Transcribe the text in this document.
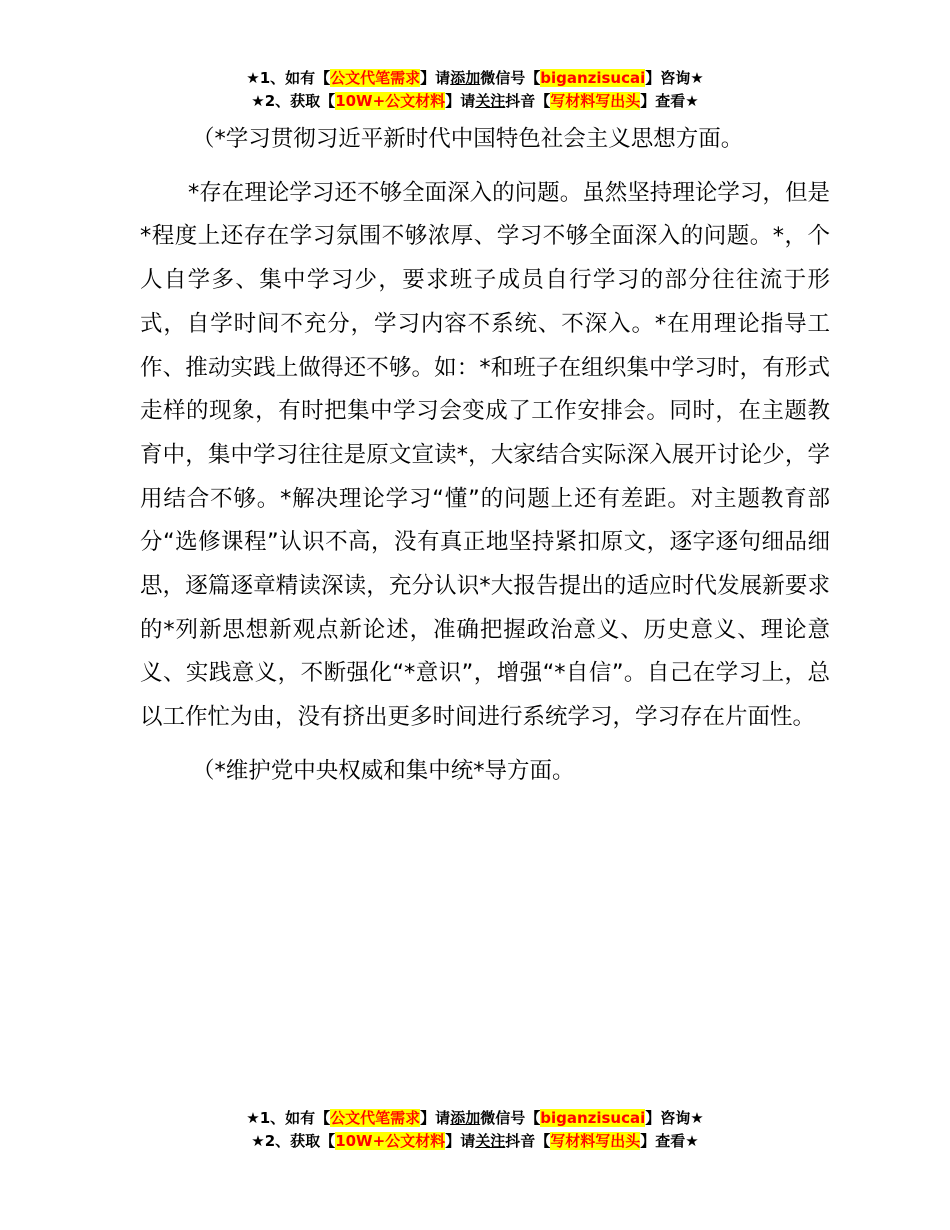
★1、如有【公文代笔需求】请添加微信号【biganzisucai】咨询★
★2、获取【10W+公文材料】请关注抖音【写材料写出头】查看★

（*学习贯彻习近平新时代中国特色社会主义思想方面。

*存在理论学习还不够全面深入的问题。虽然坚持理论学习，但是*程度上还存在学习氛围不够浓厚、学习不够全面深入的问题。*，个人自学多、集中学习少，要求班子成员自行学习的部分往往流于形式，自学时间不充分，学习内容不系统、不深入。*在用理论指导工作、推动实践上做得还不够。如：*和班子在组织集中学习时，有形式走样的现象，有时把集中学习会变成了工作安排会。同时，在主题教育中，集中学习往往是原文宣读*，大家结合实际深入展开讨论少，学用结合不够。*解决理论学习“懂”的问题上还有差距。对主题教育部分“选修课程”认识不高，没有真正地坚持紧扣原文，逐字逐句细品细思，逐篇逐章精读深读，充分认识*大报告提出的适应时代发展新要求的*列新思想新观点新论述，准确把握政治意义、历史意义、理论意义、实践意义，不断强化“*意识”，增强“*自信”。自己在学习上，总以工作忙为由，没有挤出更多时间进行系统学习，学习存在片面性。

（*维护党中央权威和集中统*导方面。

★1、如有【公文代笔需求】请添加微信号【biganzisucai】咨询★
★2、获取【10W+公文材料】请关注抖音【写材料写出头】查看★
